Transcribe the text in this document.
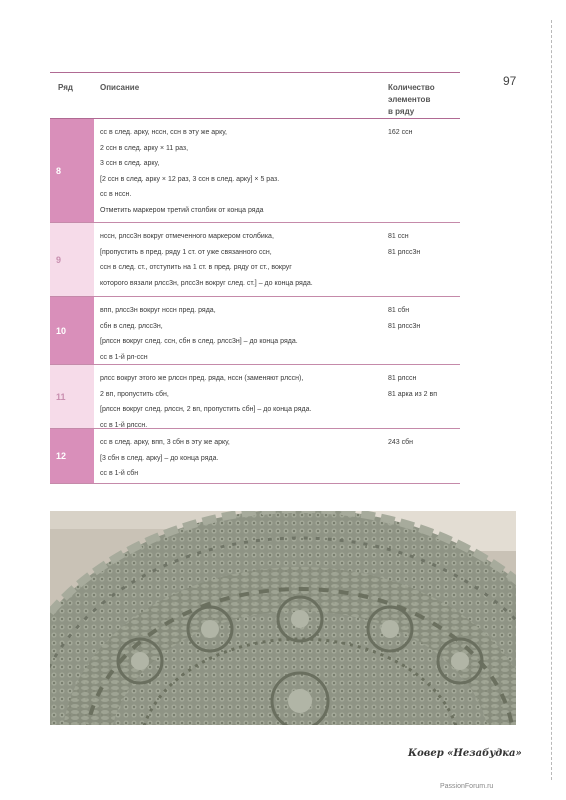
97
Ряд	Описание	Количество
элементов
в ряду
8
сс в след. арку, нсcн, ссн в эту же арку,
2 ссн в след. арку × 11 раз,
3 ссн в след. арку,
[2 ссн в след. арку × 12 раз, 3 ссн в след. арку] × 5 раз.
сс в нсcн.
Отметить маркером третий столбик от конца ряда
162 ссн
9
нсcн, рлсс3н вокруг отмеченного маркером столбика,
[пропустить в пред. ряду 1 ст. от уже связанного ссн,
ссн в след. ст., отступить на 1 ст. в пред. ряду от ст., вокруг
которого вязали рлсс3н, рлсс3н вокруг след. ст.] – до конца ряда.
81 ссн
81 рлсс3н
10
впп, рлсс3н вокруг нсcн пред. ряда,
сбн в след. рлсс3н,
[рлссн вокруг след. ссн, сбн в след. рлсс3н] – до конца ряда.
сс в 1-й рл-ссн
81 сбн
81 рлсс3н
11
рлсс вокруг этого же рлссн пред. ряда, нсcн (заменяют рлссн),
2 вп, пропустить сбн,
[рлссн вокруг след. рлссн, 2 вп, пропустить сбн] – до конца ряда.
сс в 1-й рлссн.
81 рлссн
81 арка из 2 вп
12
сс в след. арку, впп, 3 сбн в эту же арку,
[3 сбн в след. арку] – до конца ряда.
сс в 1-й сбн
243 сбн
Ковер «Незабудка»
PassionForum.ru
